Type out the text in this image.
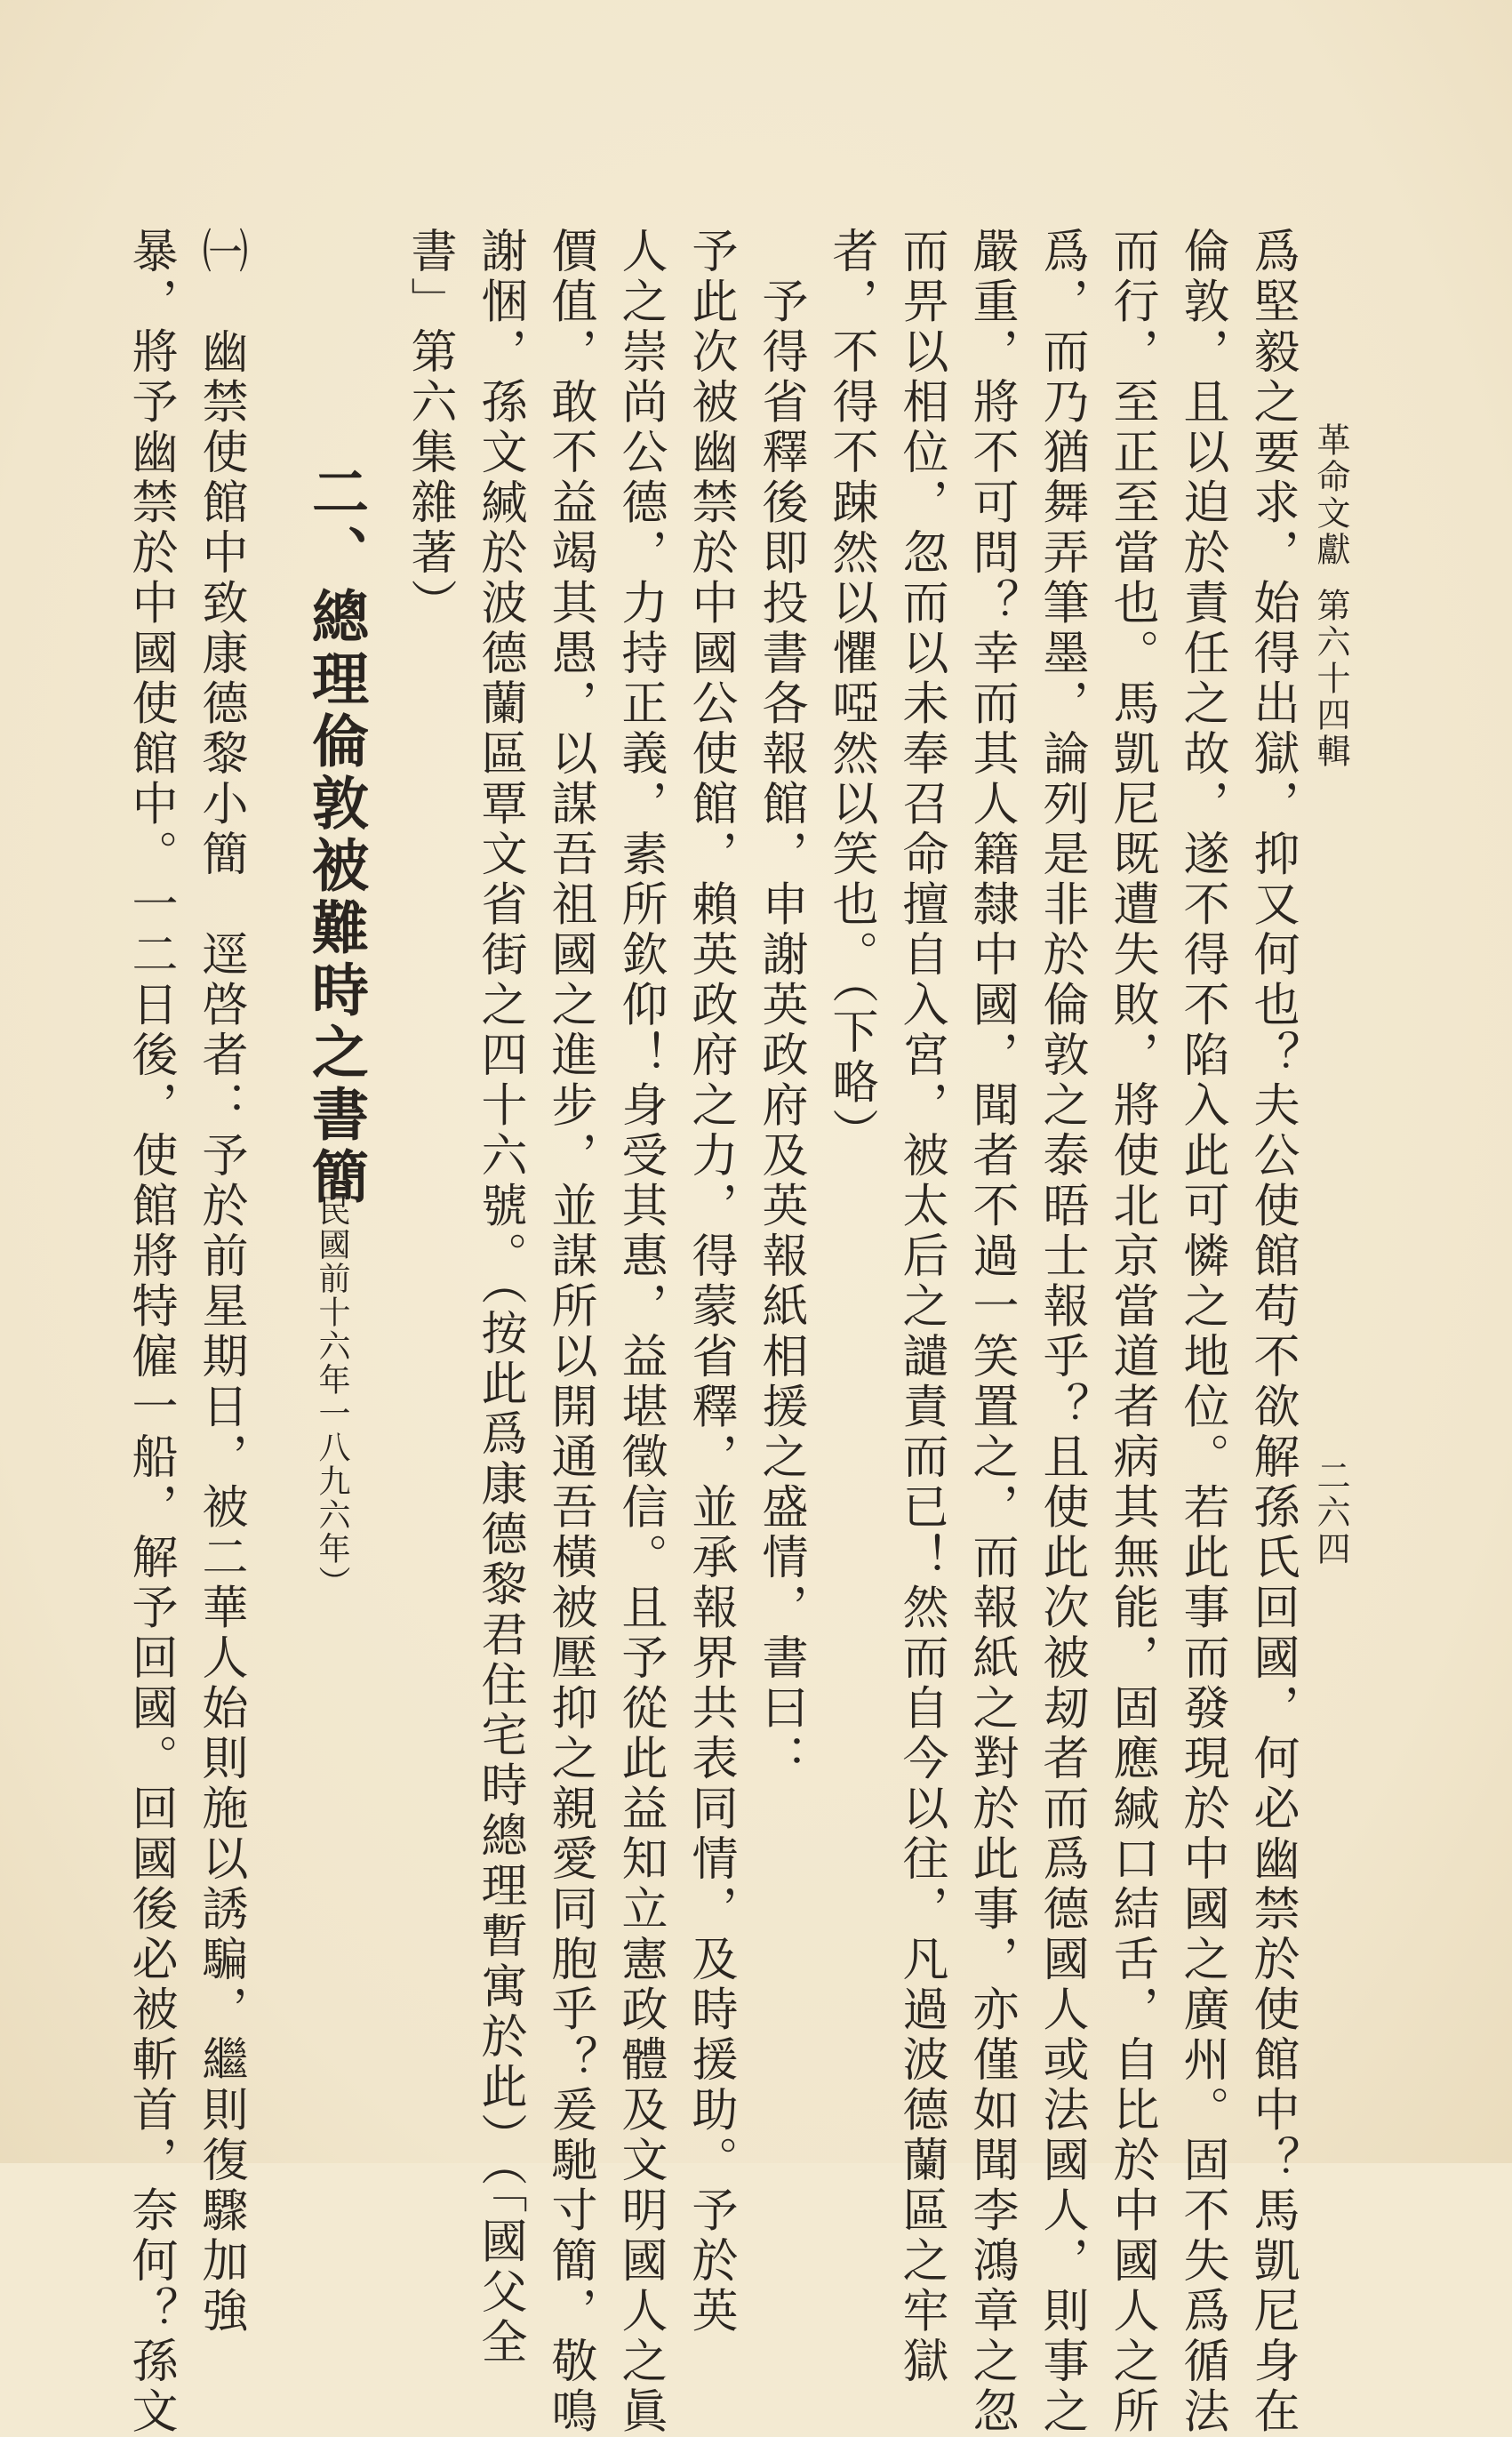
革命文獻第六十四輯
二六四
爲堅毅之要求，始得出獄，抑又何也？夫公使館苟不欲解孫氏回國，何必幽禁於使館中？馬凱尼身在
倫敦，且以迫於責任之故，遂不得不陷入此可憐之地位。若此事而發現於中國之廣州。固不失爲循法
而行，至正至當也。馬凱尼既遭失敗，將使北京當道者病其無能，固應緘口結舌，自比於中國人之所
爲，而乃猶舞弄筆墨，論列是非於倫敦之泰晤士報乎？且使此次被刼者而爲德國人或法國人，則事之
嚴重，將不可問？幸而其人籍隸中國，聞者不過一笑置之，而報紙之對於此事，亦僅如聞李鴻章之忽
而畀以相位，忽而以未奉召命擅自入宮，被太后之譴責而已！然而自今以往，凡過波德蘭區之牢獄
者，不得不踈然以懼啞然以笑也。（下略）
　予得省釋後即投書各報館，申謝英政府及英報紙相援之盛情，書曰：
予此次被幽禁於中國公使館，賴英政府之力，得蒙省釋，並承報界共表同情，及時援助。予於英
人之崇尚公德，力持正義，素所欽仰！身受其惠，益堪徵信。且予從此益知立憲政體及文明國人之眞
價值，敢不益竭其愚，以謀吾祖國之進步，並謀所以開通吾橫被壓抑之親愛同胞乎？爰馳寸簡，敬鳴
謝悃，孫文緘於波德蘭區覃文省街之四十六號。（按此爲康德黎君住宅時總理暫寓於此）（「國父全
書」第六集雜著）
二、總理倫敦被難時之書簡
（民國前十六年一八九六年）
㈠　幽禁使館中致康德黎小簡　逕啓者：予於前星期日，被二華人始則施以誘騙，繼則復驟加強
暴，將予幽禁於中國使館中。一二日後，使館將特僱一船，解予回國。回國後必被斬首，奈何？孫文
